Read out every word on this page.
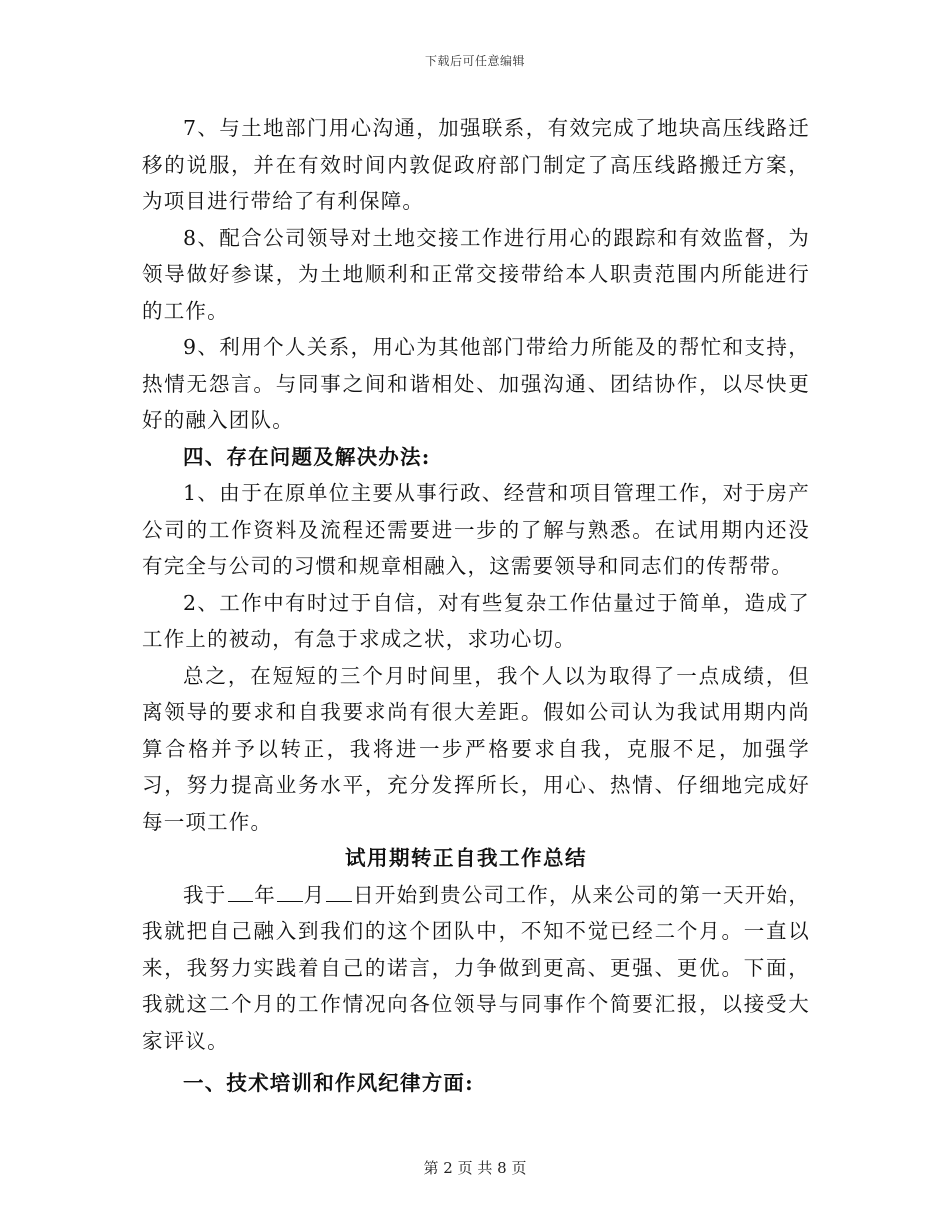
下载后可任意编辑

7、与土地部门用心沟通，加强联系，有效完成了地块高压线路迁移的说服，并在有效时间内敦促政府部门制定了高压线路搬迁方案，为项目进行带给了有利保障。

8、配合公司领导对土地交接工作进行用心的跟踪和有效监督，为领导做好参谋，为土地顺利和正常交接带给本人职责范围内所能进行的工作。

9、利用个人关系，用心为其他部门带给力所能及的帮忙和支持，热情无怨言。与同事之间和谐相处、加强沟通、团结协作，以尽快更好的融入团队。

四、存在问题及解决办法:

1、由于在原单位主要从事行政、经营和项目管理工作，对于房产公司的工作资料及流程还需要进一步的了解与熟悉。在试用期内还没有完全与公司的习惯和规章相融入，这需要领导和同志们的传帮带。

2、工作中有时过于自信，对有些复杂工作估量过于简单，造成了工作上的被动，有急于求成之状，求功心切。

总之，在短短的三个月时间里，我个人以为取得了一点成绩，但离领导的要求和自我要求尚有很大差距。假如公司认为我试用期内尚算合格并予以转正，我将进一步严格要求自我，克服不足，加强学习，努力提高业务水平，充分发挥所长，用心、热情、仔细地完成好每一项工作。

试用期转正自我工作总结

我于 年 月 日开始到贵公司工作，从来公司的第一天开始，我就把自己融入到我们的这个团队中，不知不觉已经二个月。一直以来，我努力实践着自己的诺言，力争做到更高、更强、更优。下面，我就这二个月的工作情况向各位领导与同事作个简要汇报，以接受大家评议。

一、技术培训和作风纪律方面:

第 2 页 共 8 页
